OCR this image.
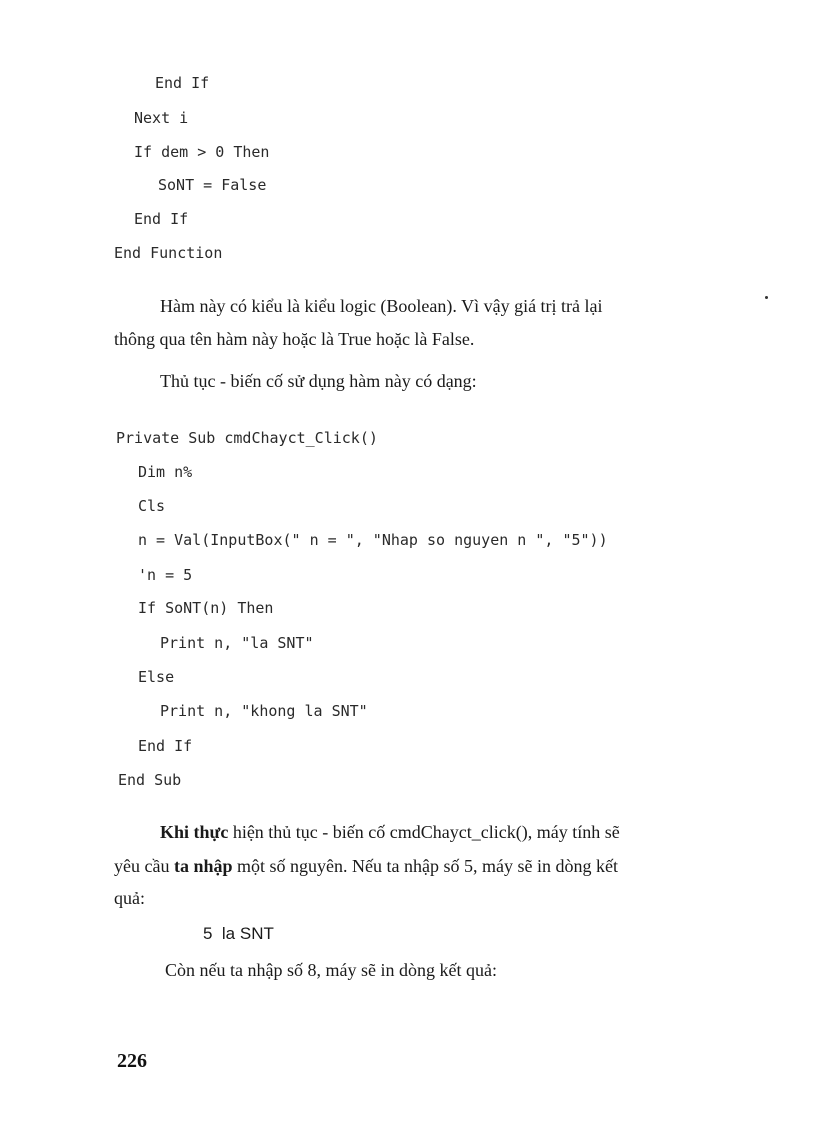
End If
Next i
If dem > 0 Then
SoNT = False
End If
End Function
Hàm này có kiểu là kiểu logic (Boolean). Vì vậy giá trị trả lại
thông qua tên hàm này hoặc là True hoặc là False.
Thủ tục - biến cố sử dụng hàm này có dạng:
Private Sub cmdChayct_Click()
Dim n%
Cls
n = Val(InputBox(" n = ", "Nhap so nguyen n ", "5"))
'n = 5
If SoNT(n) Then
Print n, "la SNT"
Else
Print n, "khong la SNT"
End If
End Sub
Khi thực hiện thủ tục - biến cố cmdChayct_click(), máy tính sẽ
yêu cầu ta nhập một số nguyên. Nếu ta nhập số 5, máy sẽ in dòng kết
quả:
5  la SNT
Còn nếu ta nhập số 8, máy sẽ in dòng kết quả:
226
